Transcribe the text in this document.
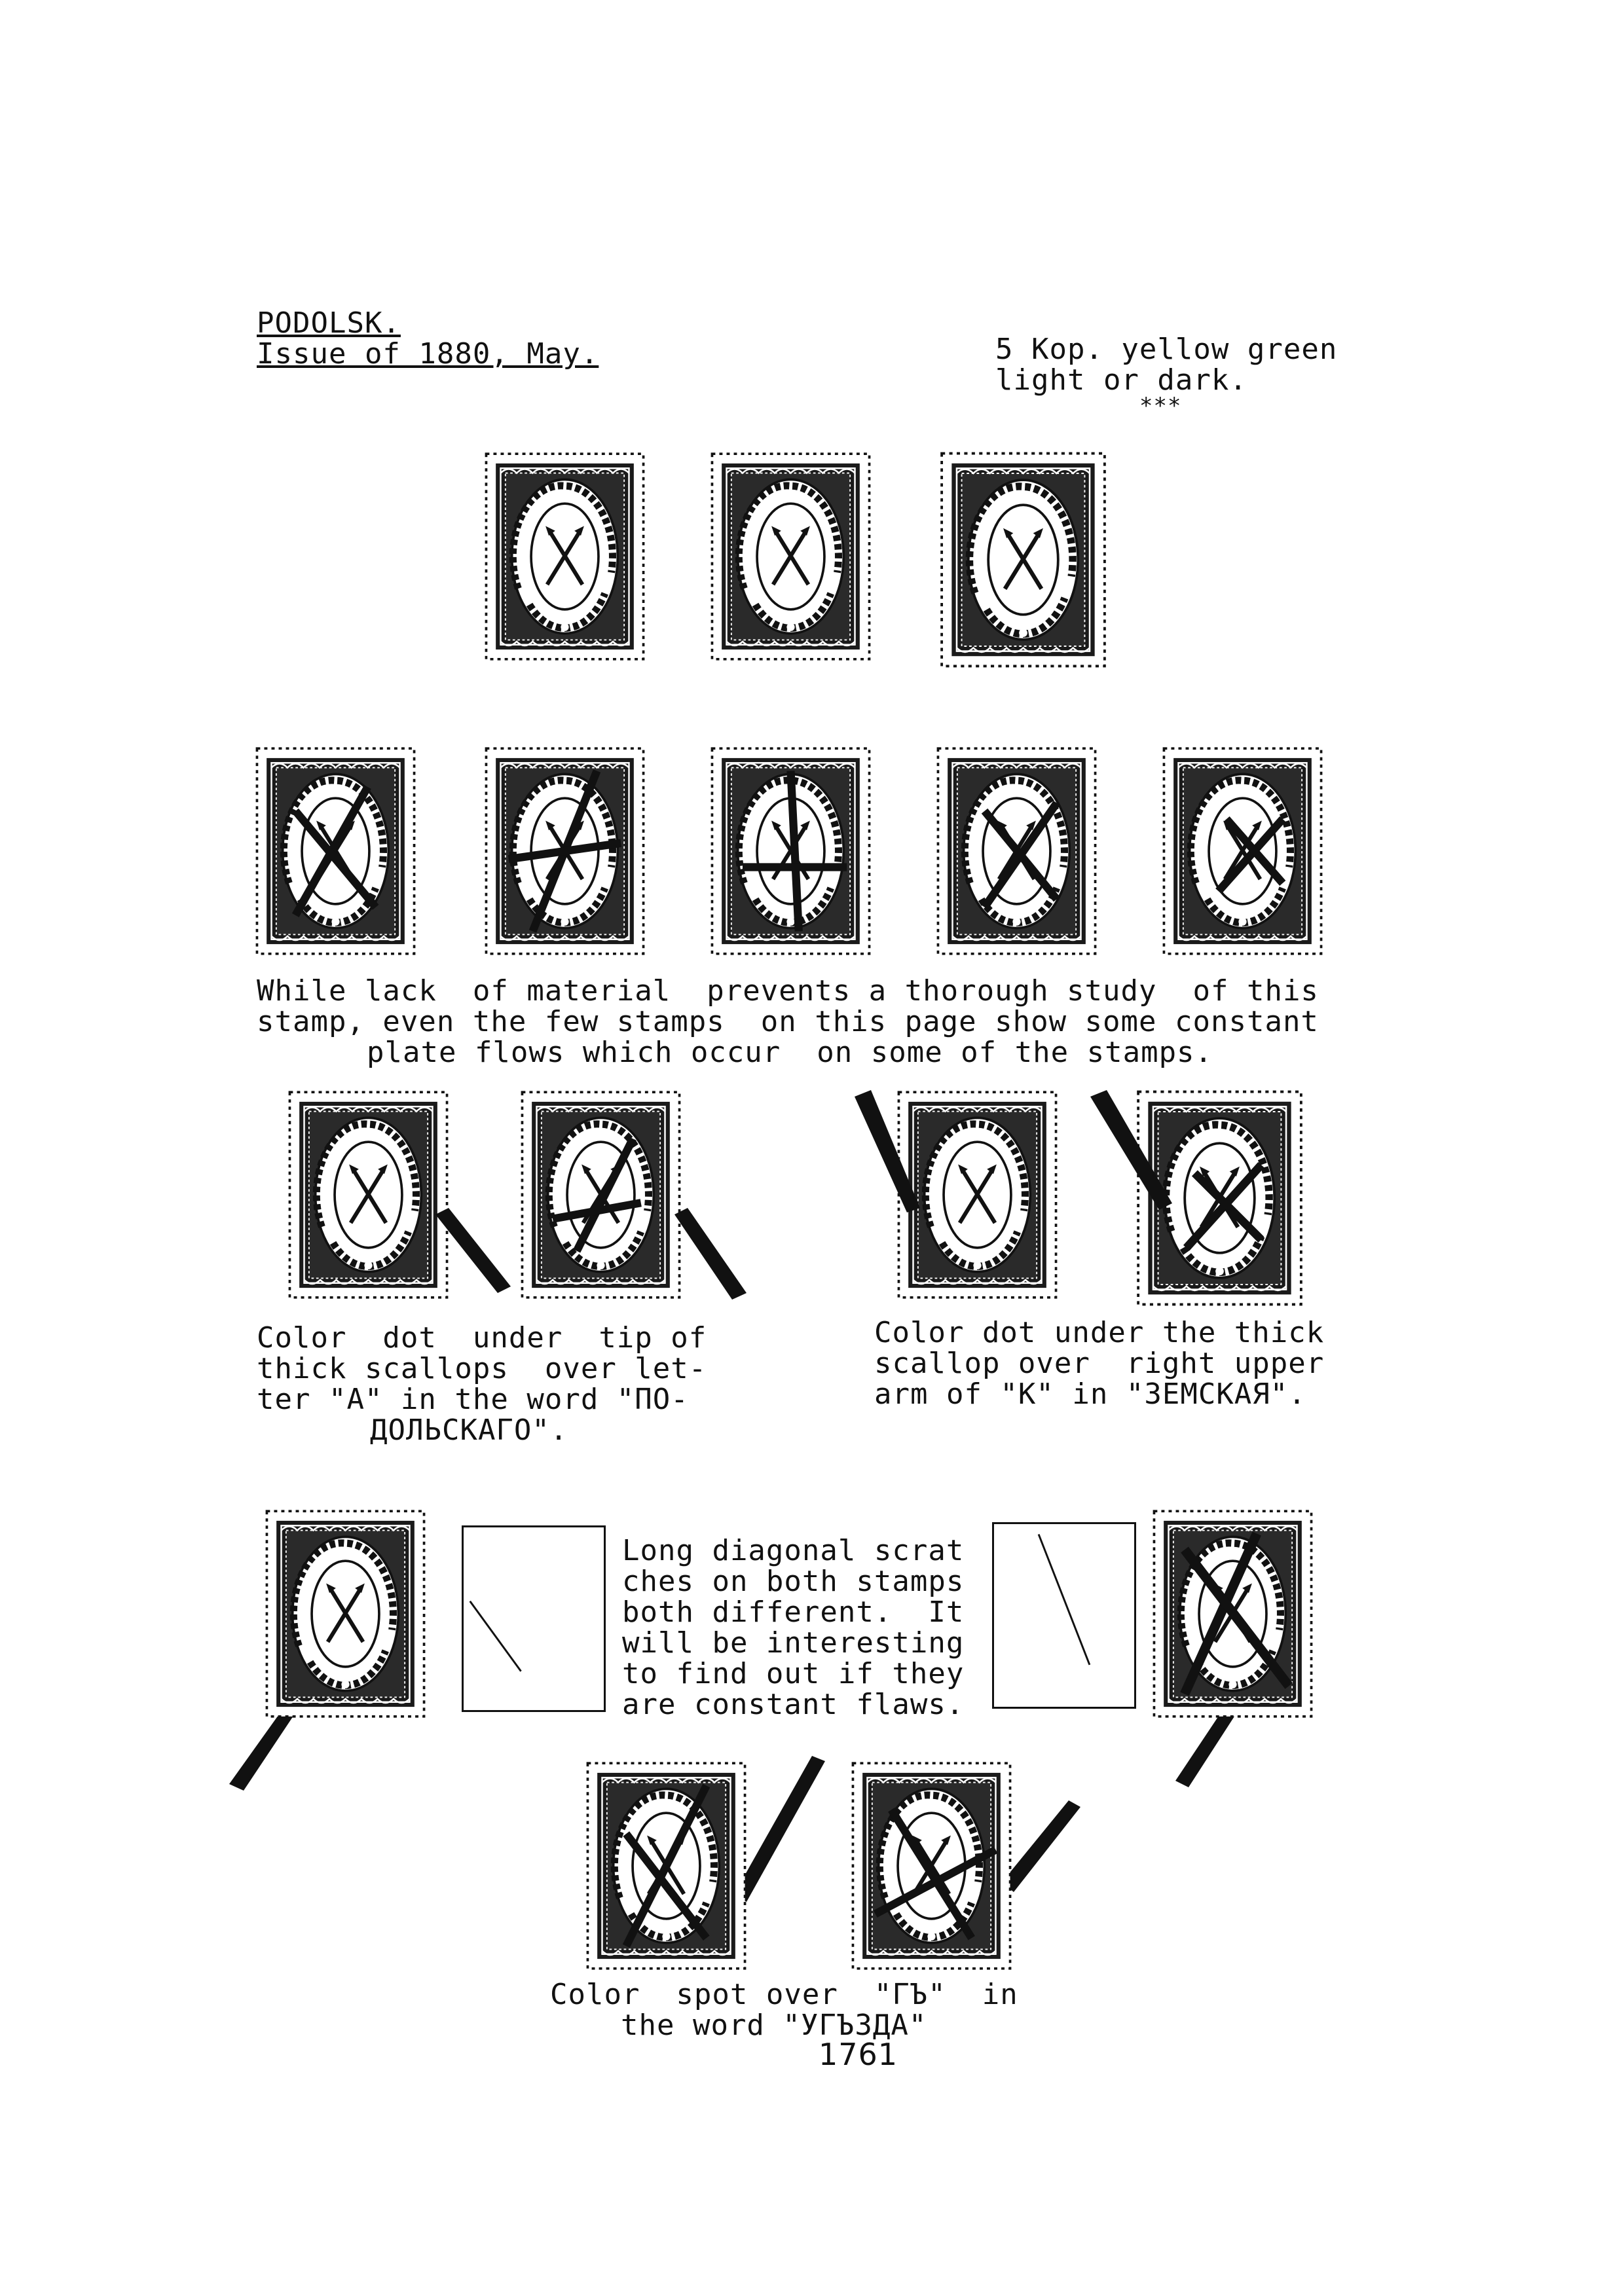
PODOLSK.
Issue of 1880, May.	5 Kop. yellow green
light or dark.
***
While lack  of material  prevents a thorough study  of this
stamp, even the few stamps  on this page show some constant
plate flows which occur  on some of the stamps.
Color  dot  under  tip of
thick scallops  over let-
ter "A" in the word "ПО-
ДОЛЬСКАГО".
Color dot under the thick
scallop over  right upper
arm of "K" in "ЗЕМСКАЯ".
Long diagonal scrat
ches on both stamps
both different.  It
will be interesting
to find out if they
are constant flaws.
Color  spot over  "ГЪ"  in
the word "УГЪЗДА"
1761
